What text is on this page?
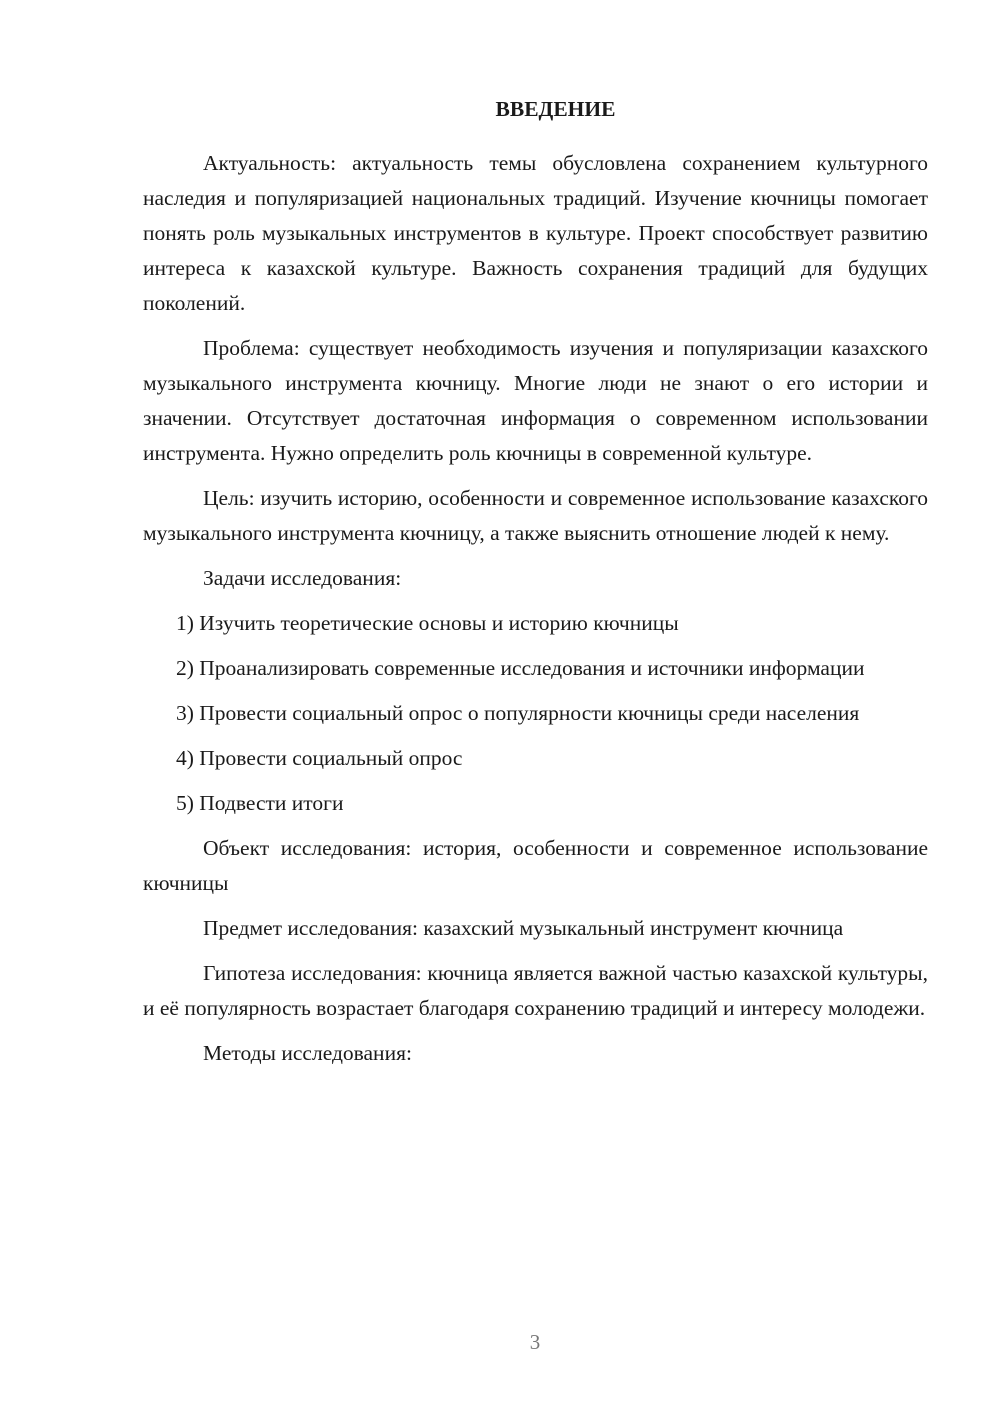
ВВЕДЕНИЕ

Актуальность: актуальность темы обусловлена сохранением культурного наследия и популяризацией национальных традиций. Изучение кючницы помогает понять роль музыкальных инструментов в культуре. Проект способствует развитию интереса к казахской культуре. Важность сохранения традиций для будущих поколений.

Проблема: существует необходимость изучения и популяризации казахского музыкального инструмента кючницу. Многие люди не знают о его истории и значении. Отсутствует достаточная информация о современном использовании инструмента. Нужно определить роль кючницы в современной культуре.

Цель: изучить историю, особенности и современное использование казахского музыкального инструмента кючницу, а также выяснить отношение людей к нему.

Задачи исследования:

1) Изучить теоретические основы и историю кючницы

2) Проанализировать современные исследования и источники информации

3) Провести социальный опрос о популярности кючницы среди населения

4) Провести социальный опрос

5) Подвести итоги

Объект исследования: история, особенности и современное использование кючницы

Предмет исследования: казахский музыкальный инструмент кючница

Гипотеза исследования: кючница является важной частью казахской культуры, и её популярность возрастает благодаря сохранению традиций и интересу молодежи.

Методы исследования:

3
